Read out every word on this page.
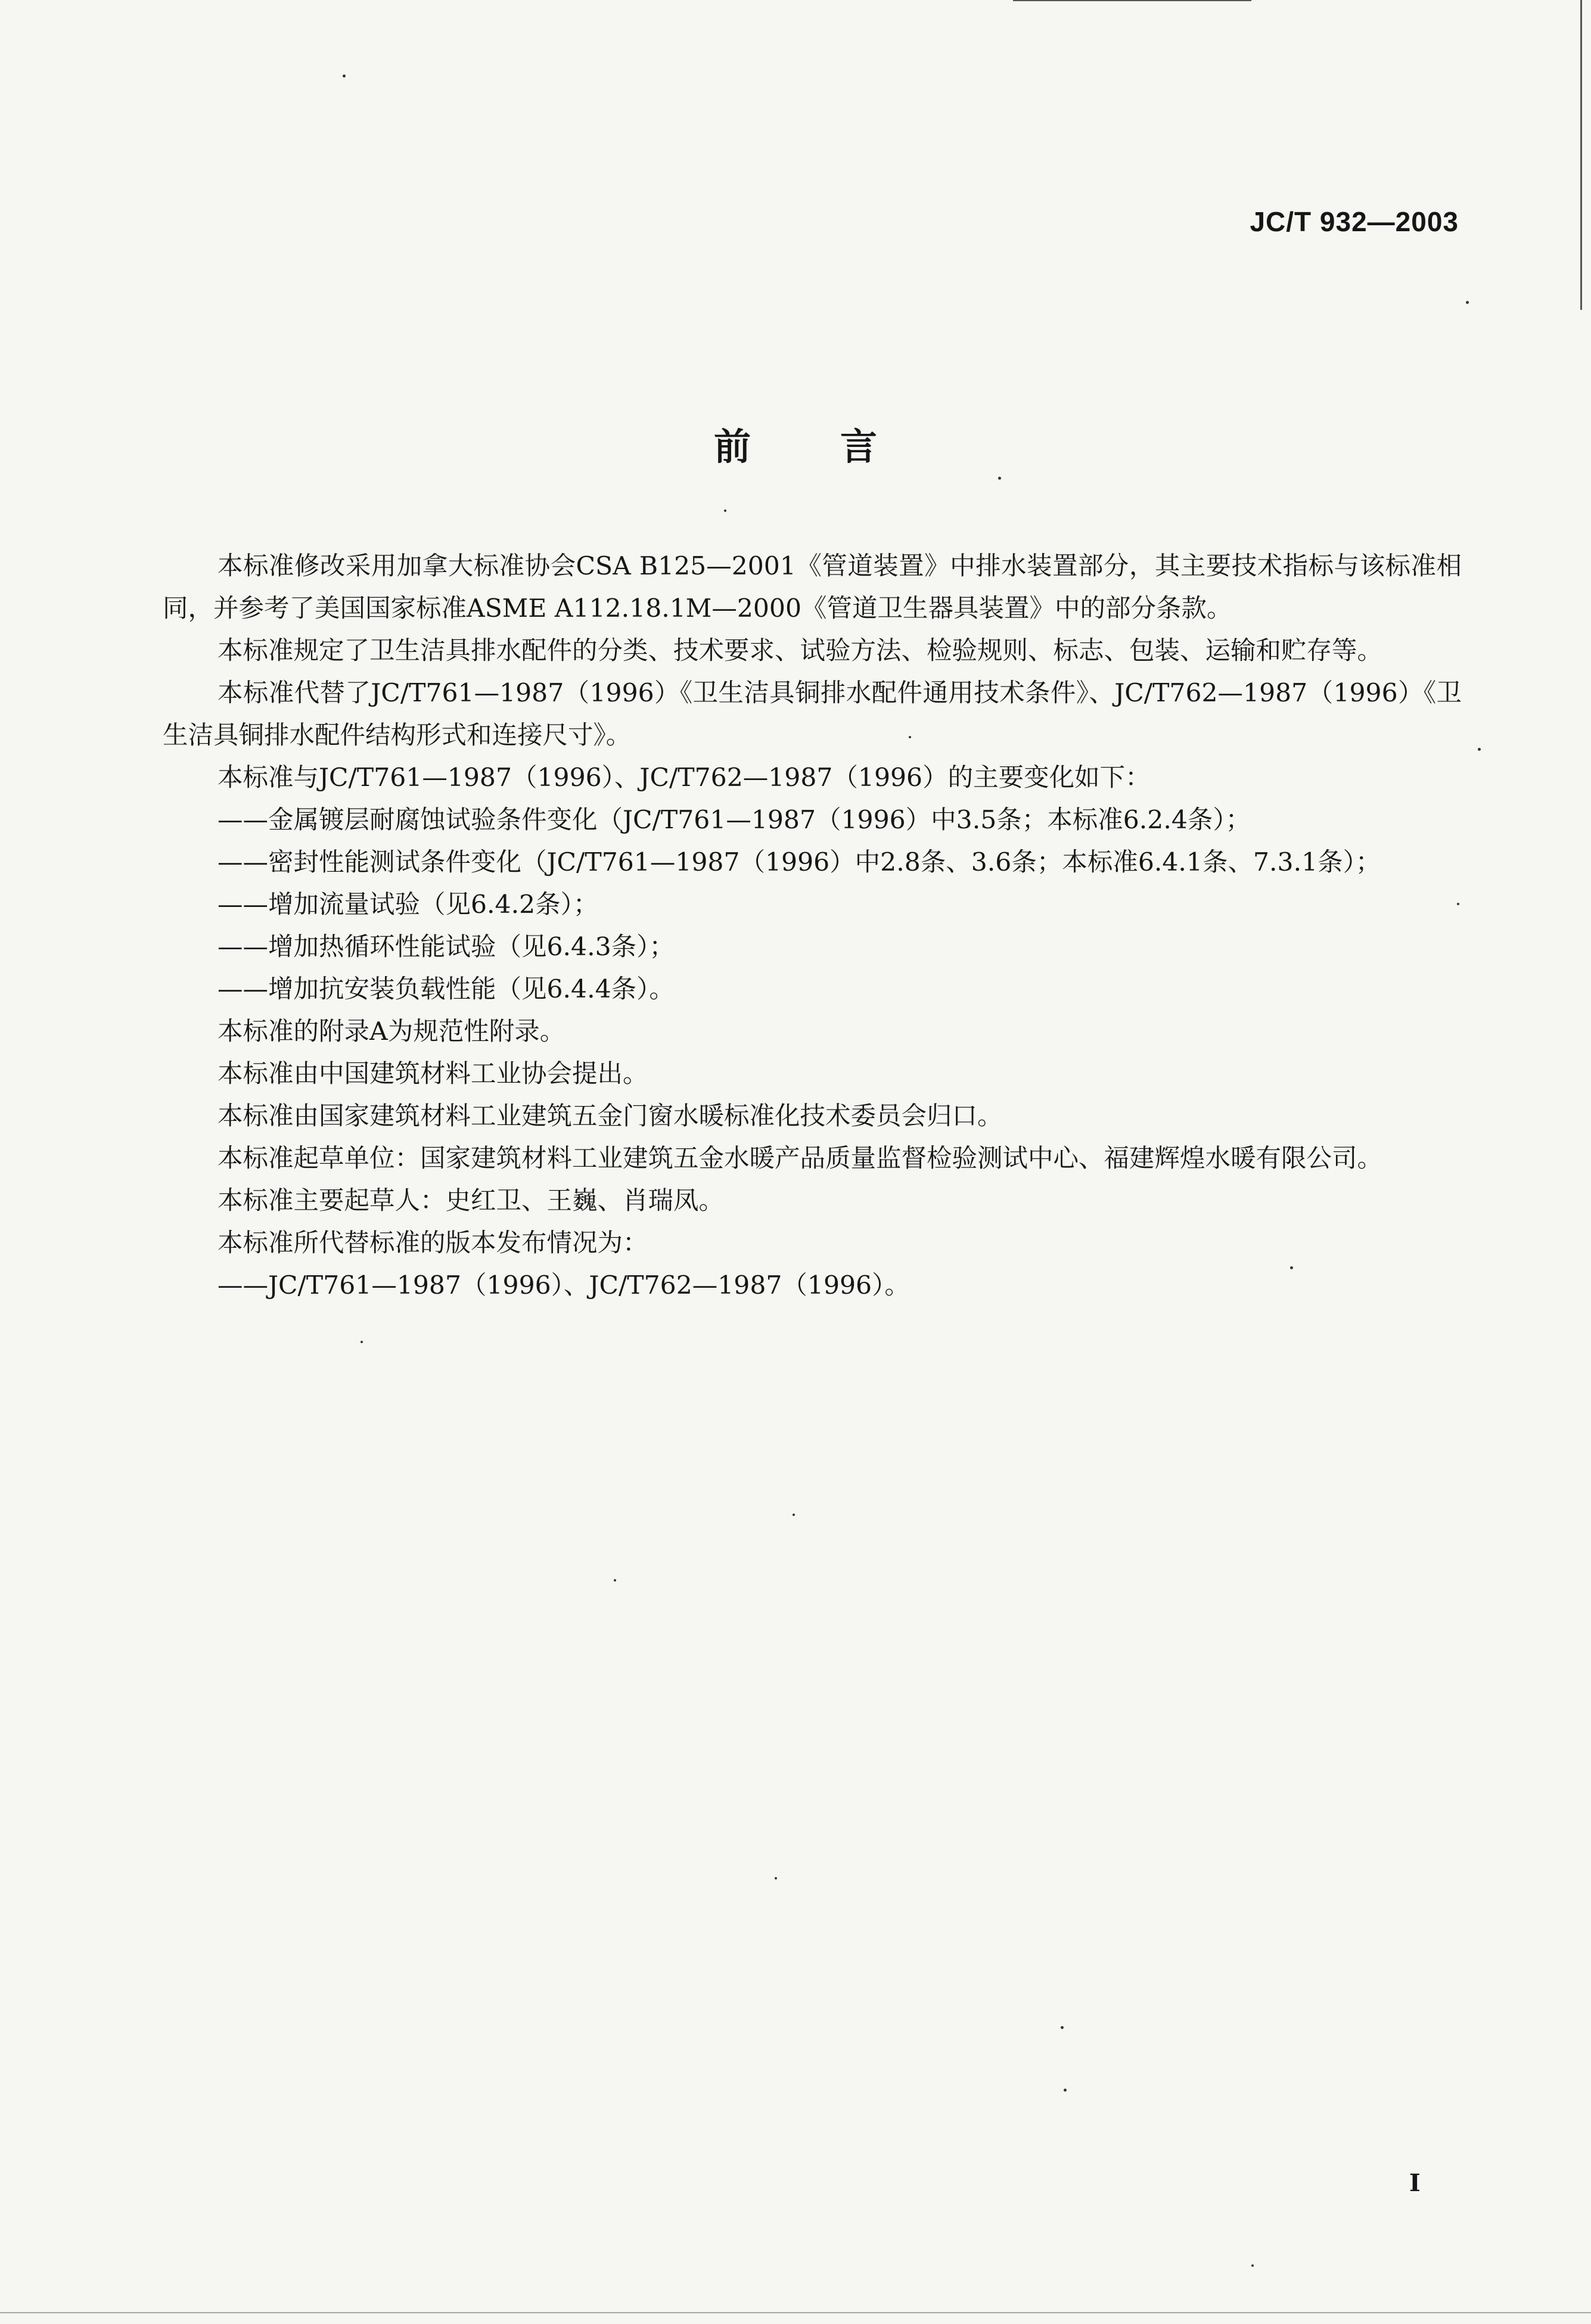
JC/T 932—2003
前言

本标准修改采用加拿大标准协会CSA B125—2001《管道装置》中排水装置部分，其主要技术指标与该标准相同，并参考了美国国家标准ASME A112.18.1M—2000《管道卫生器具装置》中的部分条款。

本标准规定了卫生洁具排水配件的分类、技术要求、试验方法、检验规则、标志、包装、运输和贮存等。

本标准代替了JC/T761—1987（1996）《卫生洁具铜排水配件通用技术条件》、JC/T762—1987（1996）《卫生洁具铜排水配件结构形式和连接尺寸》。

本标准与JC/T761—1987（1996）、JC/T762—1987（1996）的主要变化如下：

——金属镀层耐腐蚀试验条件变化（JC/T761—1987（1996）中3.5条；本标准6.2.4条）；

——密封性能测试条件变化（JC/T761—1987（1996）中2.8条、3.6条；本标准6.4.1条、7.3.1条）；

——增加流量试验（见6.4.2条）；

——增加热循环性能试验（见6.4.3条）；

——增加抗安装负载性能（见6.4.4条）。

本标准的附录A为规范性附录。

本标准由中国建筑材料工业协会提出。

本标准由国家建筑材料工业建筑五金门窗水暖标准化技术委员会归口。

本标准起草单位：国家建筑材料工业建筑五金水暖产品质量监督检验测试中心、福建辉煌水暖有限公司。

本标准主要起草人：史红卫、王巍、肖瑞凤。

本标准所代替标准的版本发布情况为：

——JC/T761—1987（1996）、JC/T762—1987（1996）。

I
